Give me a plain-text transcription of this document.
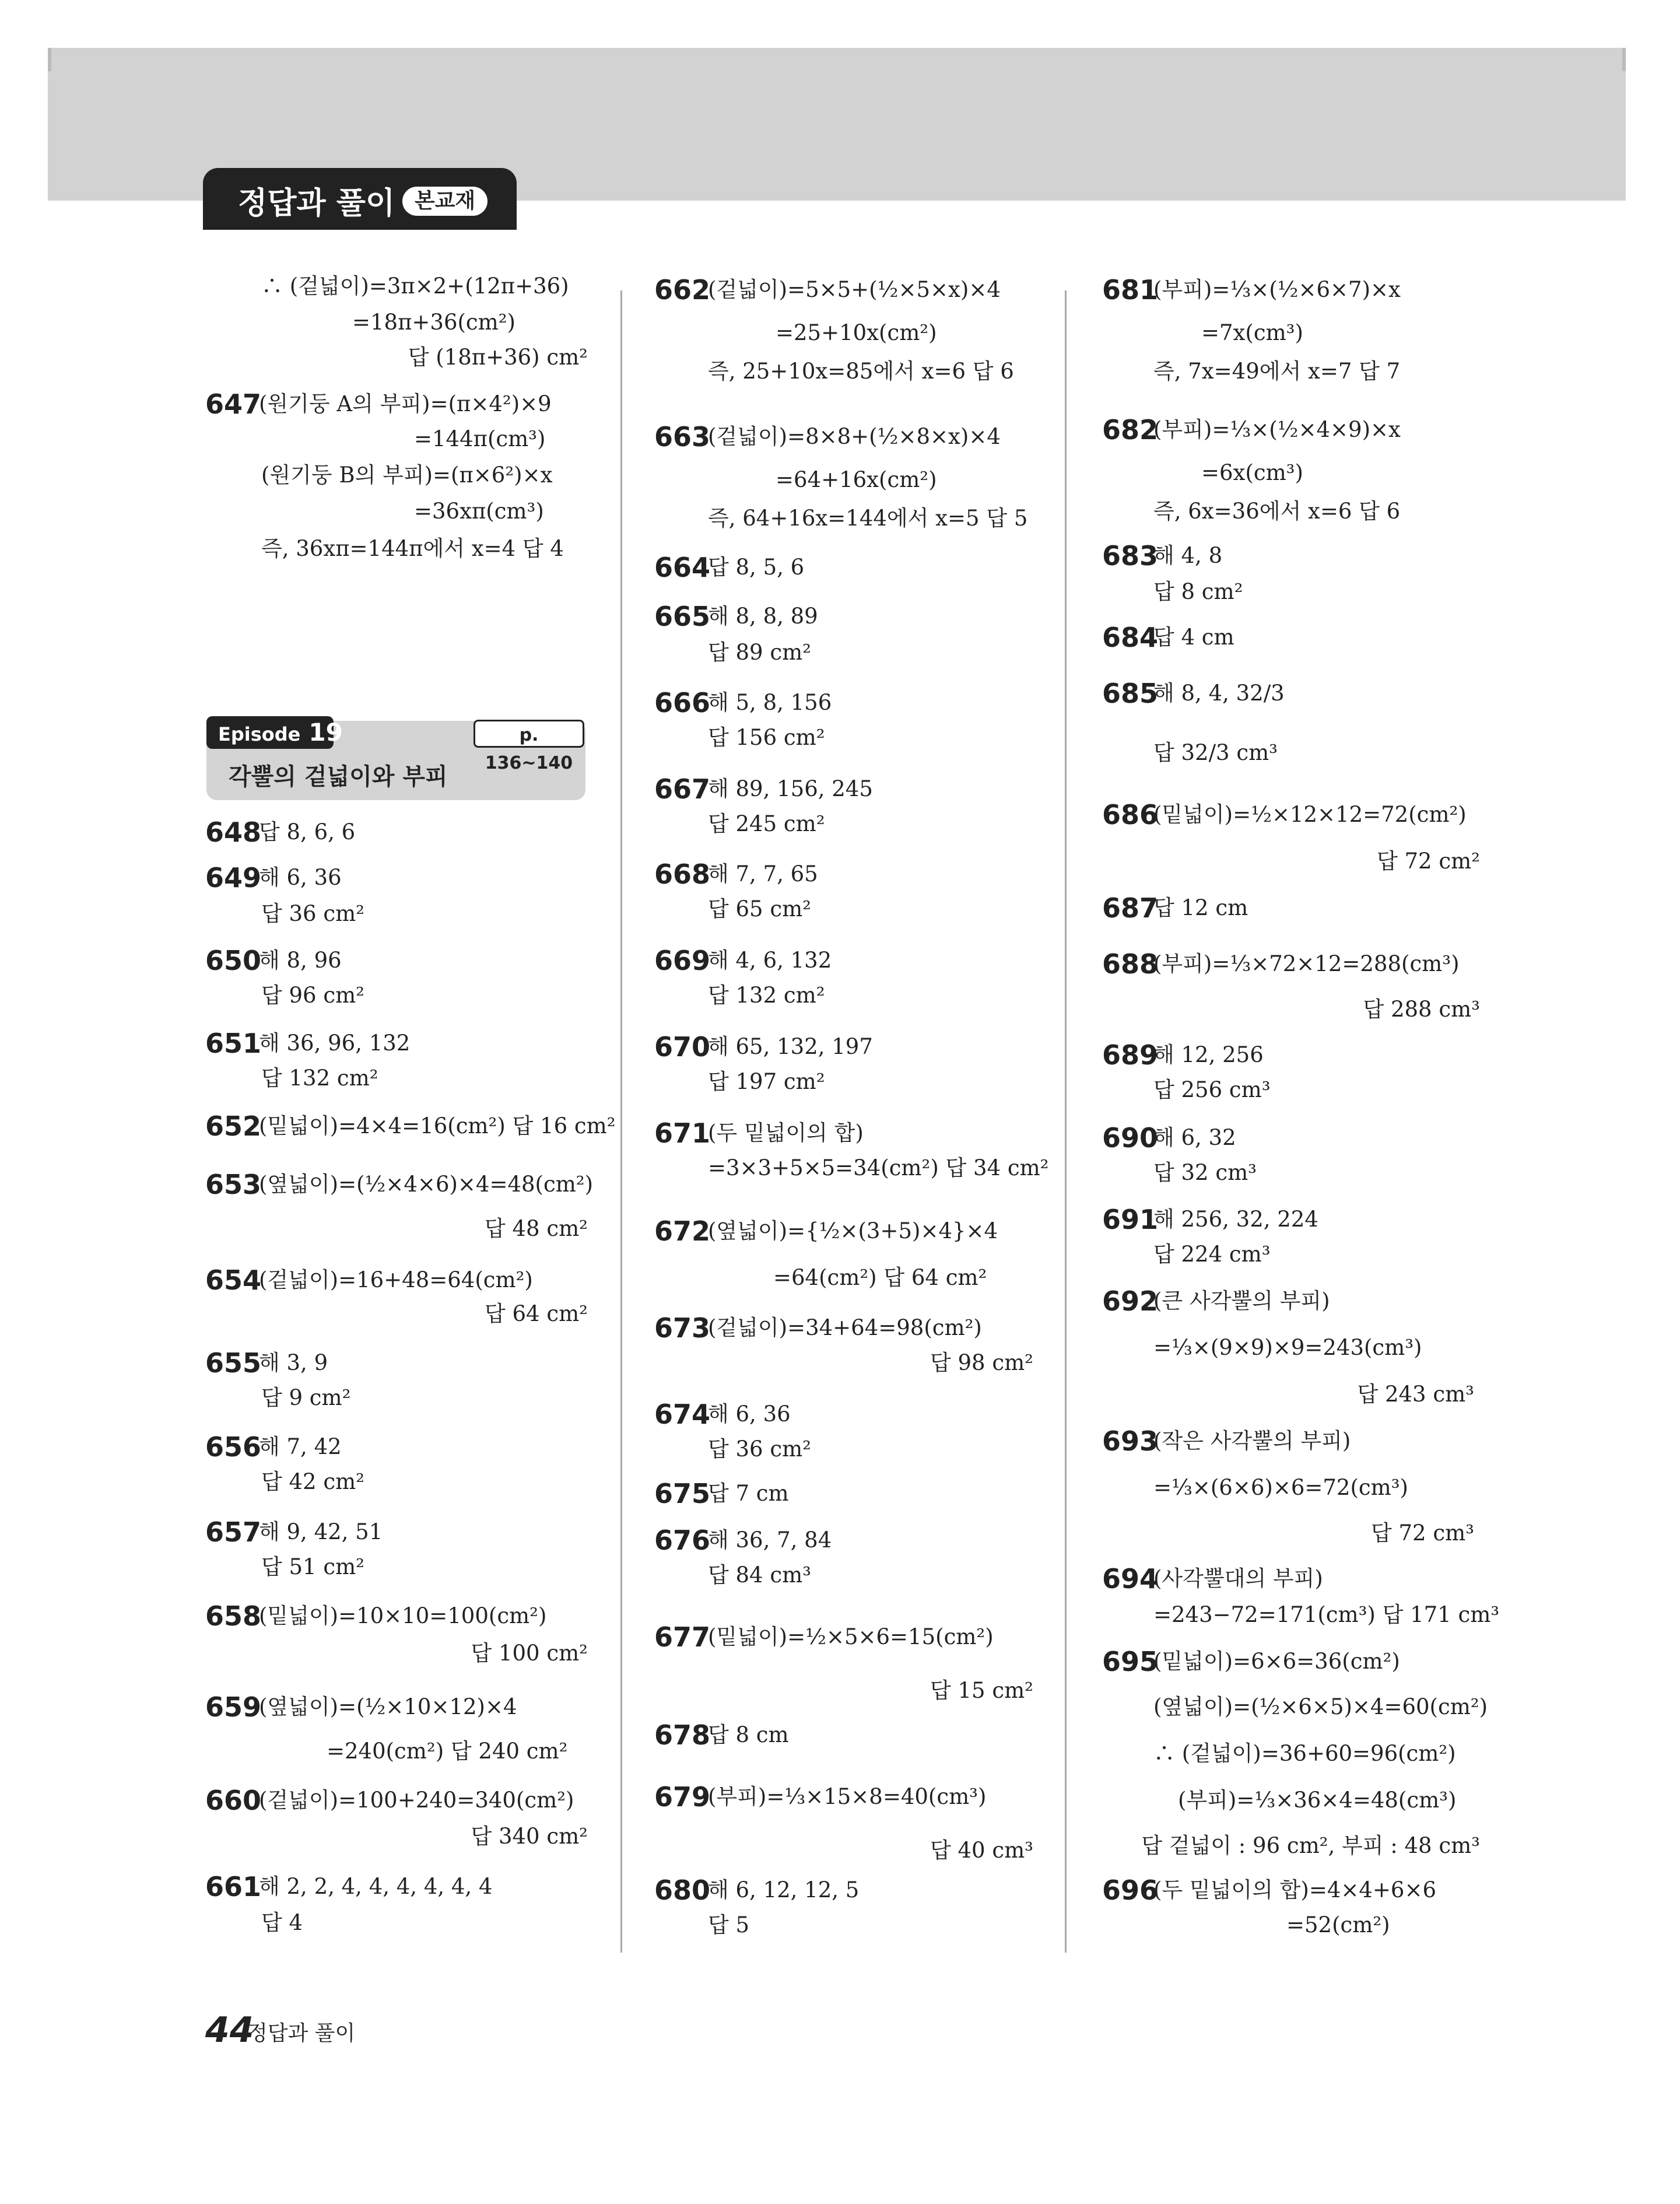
정답과 풀이 본교재
Episode 19	p. 136~140
각뿔의 겉넓이와 부피
∴ (겉넓이)=3π×2+(12π+36)
=18π+36(cm²)
답 (18π+36) cm²
647
(원기둥 A의 부피)=(π×4²)×9
=144π(cm³)
(원기둥 B의 부피)=(π×6²)×x
=36xπ(cm³)
즉, 36xπ=144π에서 x=4 답 4
648
답 8, 6, 6
649
해 6, 36
답 36 cm²
650
해 8, 96
답 96 cm²
651
해 36, 96, 132
답 132 cm²
652
(밑넓이)=4×4=16(cm²) 답 16 cm²
653
(옆넓이)=(½×4×6)×4=48(cm²)
답 48 cm²
654
(겉넓이)=16+48=64(cm²)
답 64 cm²
655
해 3, 9
답 9 cm²
656
해 7, 42
답 42 cm²
657
해 9, 42, 51
답 51 cm²
658
(밑넓이)=10×10=100(cm²)
답 100 cm²
659
(옆넓이)=(½×10×12)×4
=240(cm²) 답 240 cm²
660
(겉넓이)=100+240=340(cm²)
답 340 cm²
661
해 2, 2, 4, 4, 4, 4, 4, 4
답 4
662
(겉넓이)=5×5+(½×5×x)×4
=25+10x(cm²)
즉, 25+10x=85에서 x=6 답 6
663
(겉넓이)=8×8+(½×8×x)×4
=64+16x(cm²)
즉, 64+16x=144에서 x=5 답 5
664
답 8, 5, 6
665
해 8, 8, 89
답 89 cm²
666
해 5, 8, 156
답 156 cm²
667
해 89, 156, 245
답 245 cm²
668
해 7, 7, 65
답 65 cm²
669
해 4, 6, 132
답 132 cm²
670
해 65, 132, 197
답 197 cm²
671
(두 밑넓이의 합)
=3×3+5×5=34(cm²) 답 34 cm²
672
(옆넓이)={½×(3+5)×4}×4
=64(cm²) 답 64 cm²
673
(겉넓이)=34+64=98(cm²)
답 98 cm²
674
해 6, 36
답 36 cm²
675
답 7 cm
676
해 36, 7, 84
답 84 cm³
677
(밑넓이)=½×5×6=15(cm²)
답 15 cm²
678
답 8 cm
679
(부피)=⅓×15×8=40(cm³)
답 40 cm³
680
해 6, 12, 12, 5
답 5
681
(부피)=⅓×(½×6×7)×x
=7x(cm³)
즉, 7x=49에서 x=7 답 7
682
(부피)=⅓×(½×4×9)×x
=6x(cm³)
즉, 6x=36에서 x=6 답 6
683
해 4, 8
답 8 cm²
684
답 4 cm
685
해 8, 4, 32/3
답 32/3 cm³
686
(밑넓이)=½×12×12=72(cm²)
답 72 cm²
687
답 12 cm
688
(부피)=⅓×72×12=288(cm³)
답 288 cm³
689
해 12, 256
답 256 cm³
690
해 6, 32
답 32 cm³
691
해 256, 32, 224
답 224 cm³
692
(큰 사각뿔의 부피)
=⅓×(9×9)×9=243(cm³)
답 243 cm³
693
(작은 사각뿔의 부피)
=⅓×(6×6)×6=72(cm³)
답 72 cm³
694
(사각뿔대의 부피)
=243−72=171(cm³) 답 171 cm³
695
(밑넓이)=6×6=36(cm²)
(옆넓이)=(½×6×5)×4=60(cm²)
∴ (겉넓이)=36+60=96(cm²)
(부피)=⅓×36×4=48(cm³)
답 겉넓이 : 96 cm², 부피 : 48 cm³
696
(두 밑넓이의 합)=4×4+6×6
=52(cm²)
44
정답과 풀이
